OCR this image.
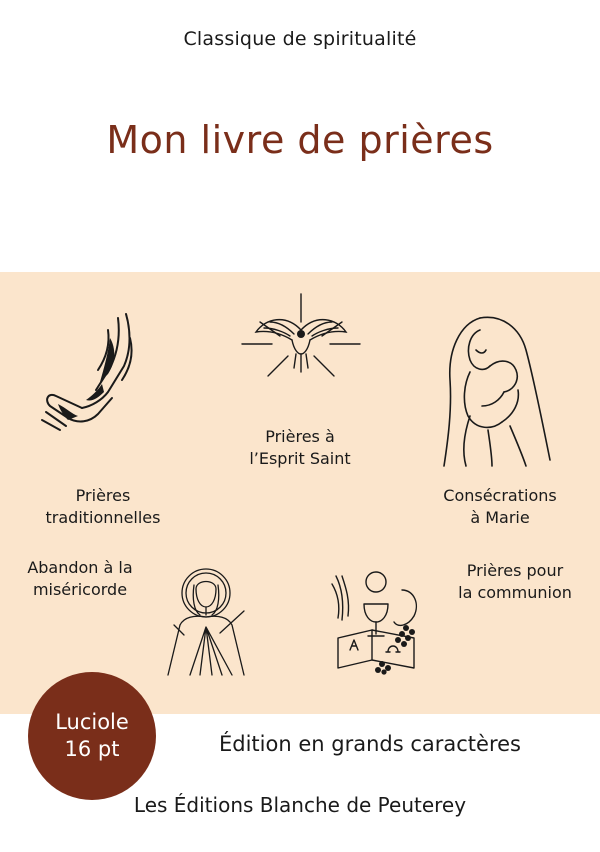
Classique de spiritualité
Mon livre de prières
Prières à
l’Esprit Saint
Prières
traditionnelles
Consécrations
à Marie
Abandon à la
miséricorde
Prières pour
la communion
Luciole
16 pt	Édition en grands caractères
Les Éditions Blanche de Peuterey
